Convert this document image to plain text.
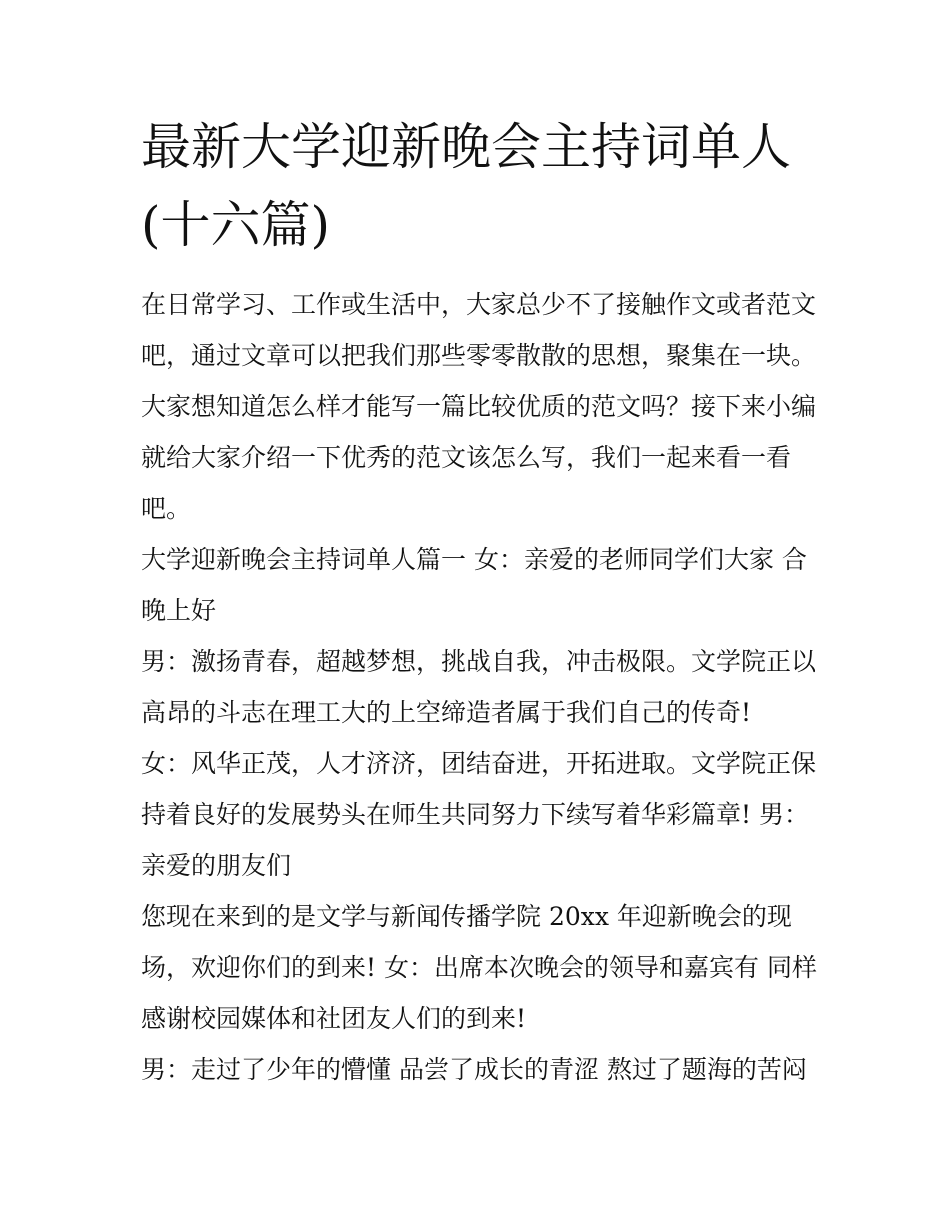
最新大学迎新晚会主持词单人
(十六篇)

在日常学习、工作或生活中，大家总少不了接触作文或者范文

吧，通过文章可以把我们那些零零散散的思想，聚集在一块。

大家想知道怎么样才能写一篇比较优质的范文吗？接下来小编

就给大家介绍一下优秀的范文该怎么写，我们一起来看一看

吧。

大学迎新晚会主持词单人篇一 女：亲爱的老师同学们大家 合

晚上好

男：激扬青春，超越梦想，挑战自我，冲击极限。文学院正以

高昂的斗志在理工大的上空缔造者属于我们自己的传奇!

女：风华正茂，人才济济，团结奋进，开拓进取。文学院正保

持着良好的发展势头在师生共同努力下续写着华彩篇章! 男：

亲爱的朋友们

您现在来到的是文学与新闻传播学院 20xx 年迎新晚会的现

场，欢迎你们的到来! 女：出席本次晚会的领导和嘉宾有 同样

感谢校园媒体和社团友人们的到来!

男：走过了少年的懵懂 品尝了成长的青涩 熬过了题海的苦闷
